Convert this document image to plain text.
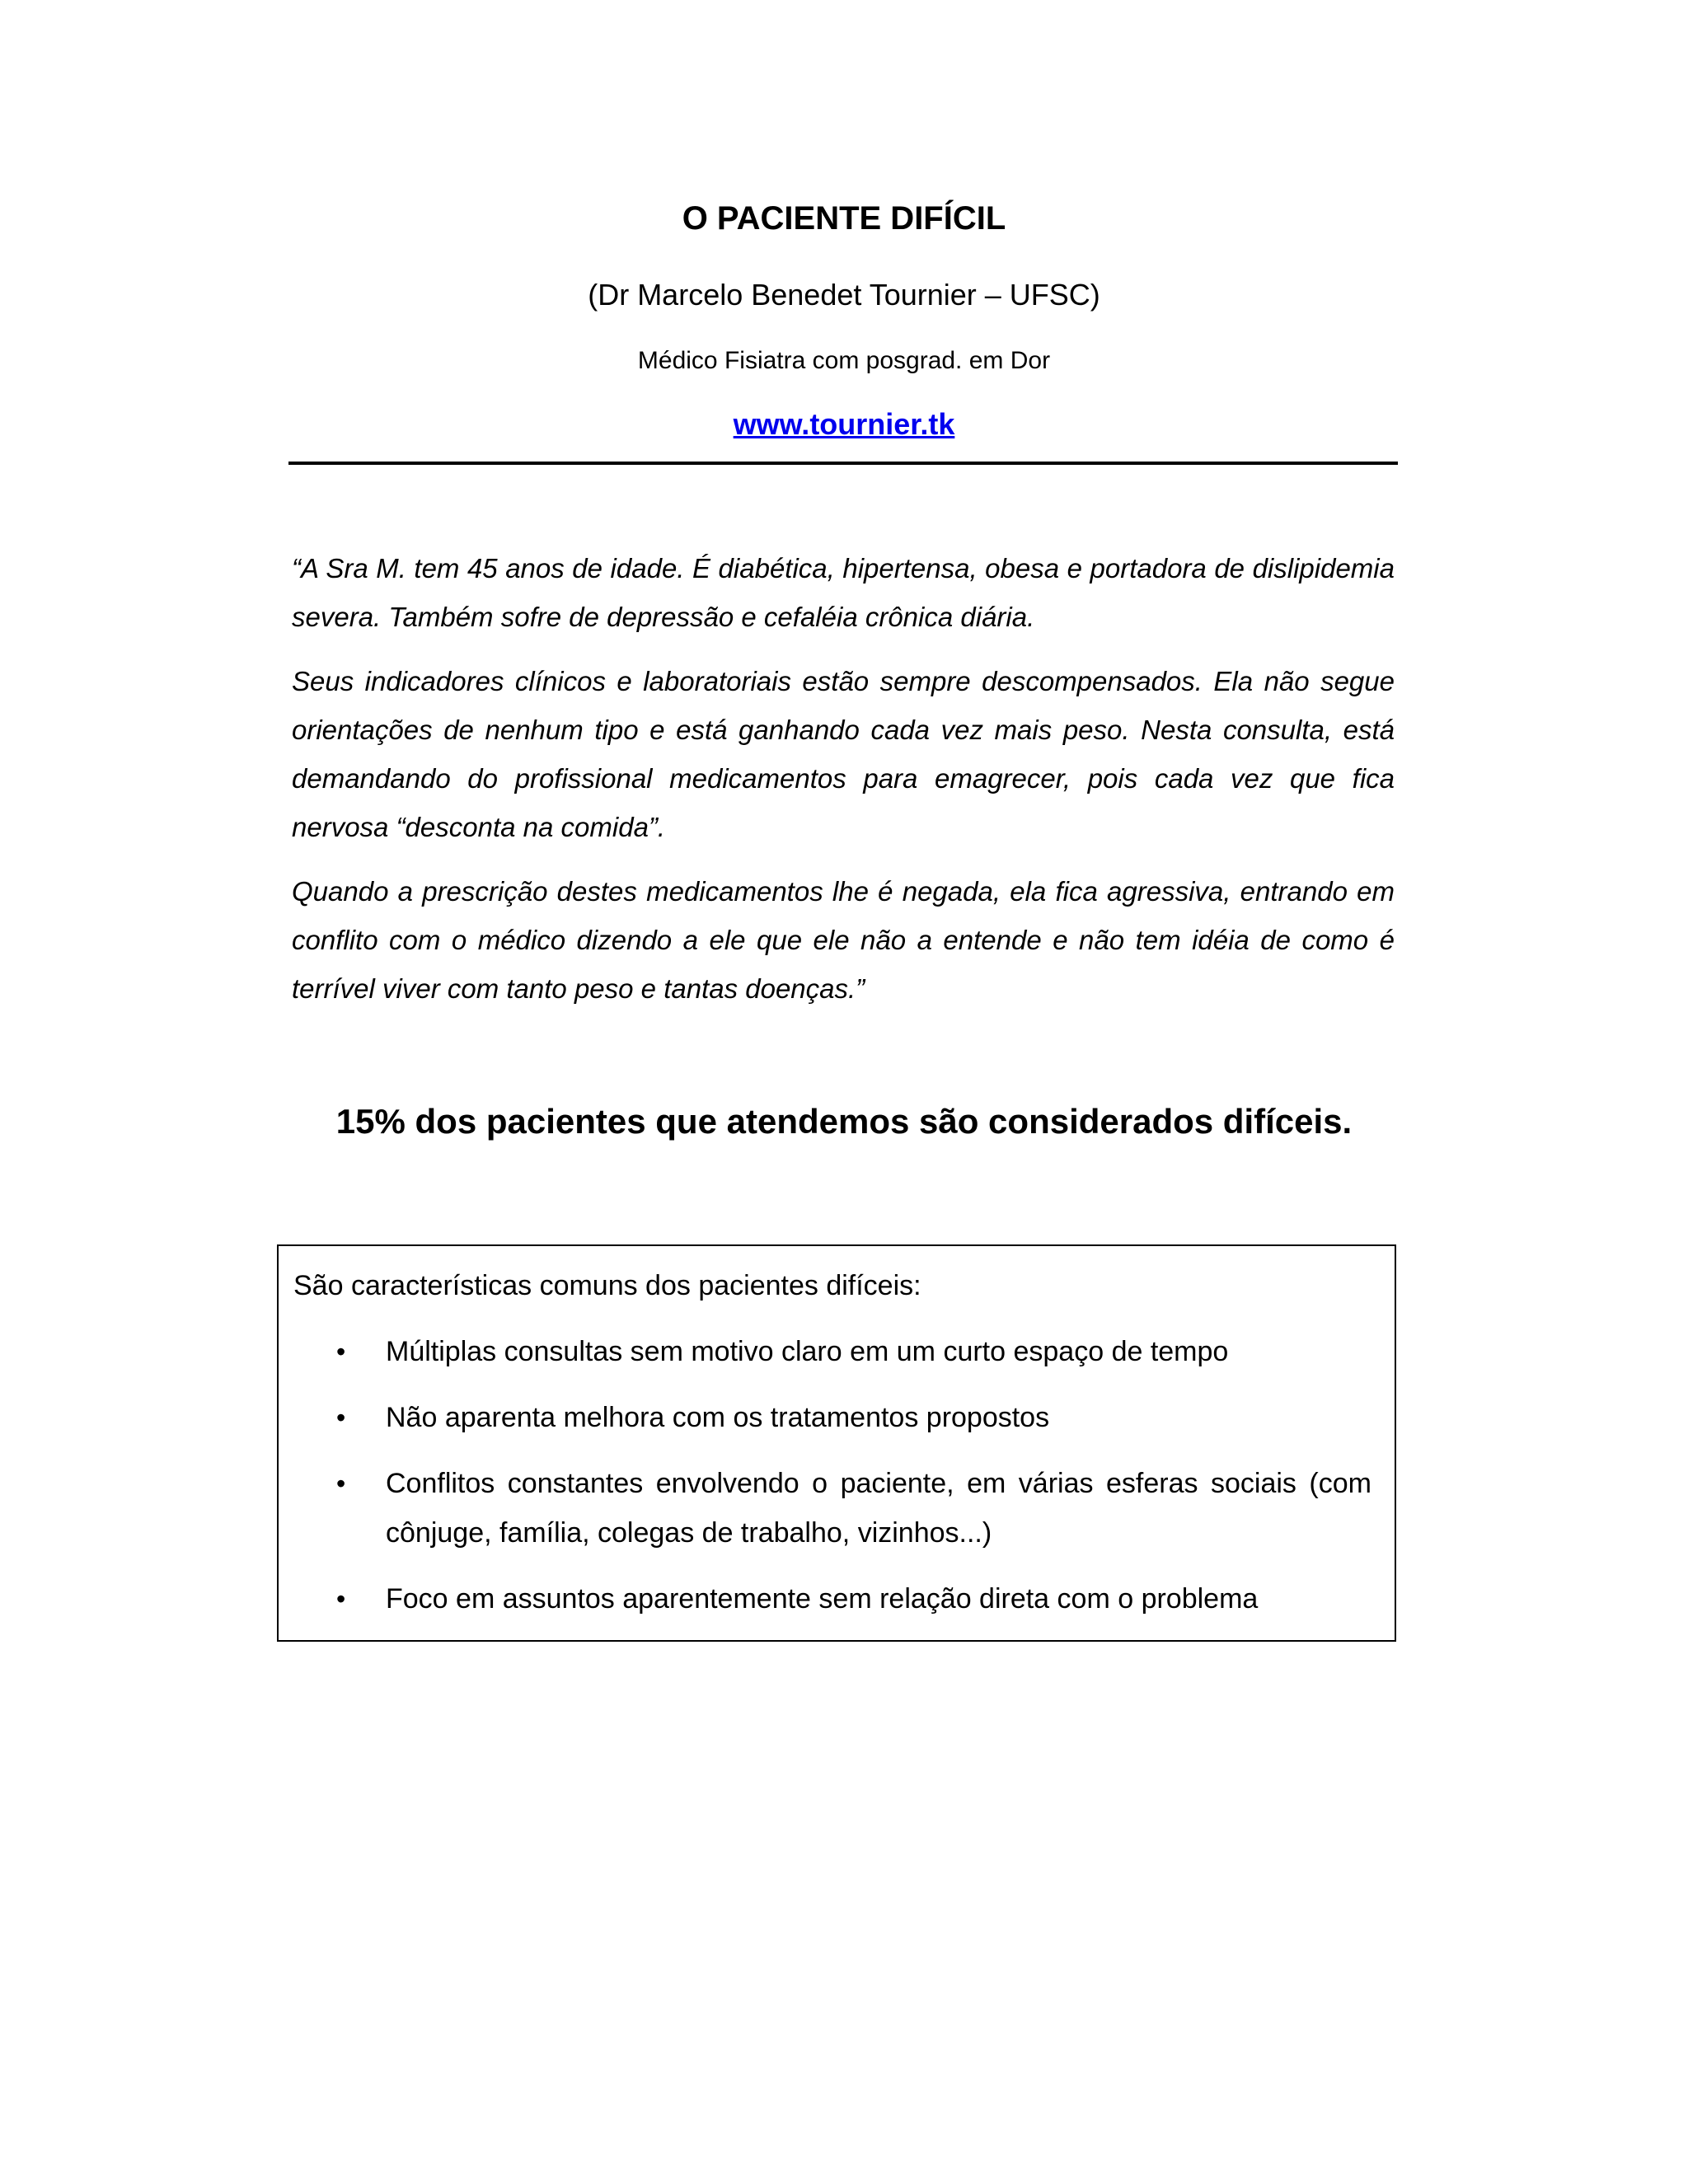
O PACIENTE DIFÍCIL
(Dr Marcelo Benedet Tournier – UFSC)
Médico Fisiatra com posgrad. em Dor
www.tournier.tk

“A Sra M. tem 45 anos de idade. É diabética, hipertensa, obesa e portadora de dislipidemia severa. Também sofre de depressão e cefaléia crônica diária.

Seus indicadores clínicos e laboratoriais estão sempre descompensados. Ela não segue orientações de nenhum tipo e está ganhando cada vez mais peso. Nesta consulta, está demandando do profissional medicamentos para emagrecer, pois cada vez que fica nervosa “desconta na comida”.

Quando a prescrição destes medicamentos lhe é negada, ela fica agressiva, entrando em conflito com o médico dizendo a ele que ele não a entende e não tem idéia de como é terrível viver com tanto peso e tantas doenças.”

15% dos pacientes que atendemos são considerados difíceis.
São características comuns dos pacientes difíceis:
• Múltiplas consultas sem motivo claro em um curto espaço de tempo
• Não aparenta melhora com os tratamentos propostos
• Conflitos constantes envolvendo o paciente, em várias esferas sociais (com cônjuge, família, colegas de trabalho, vizinhos...)
• Foco em assuntos aparentemente sem relação direta com o problema
